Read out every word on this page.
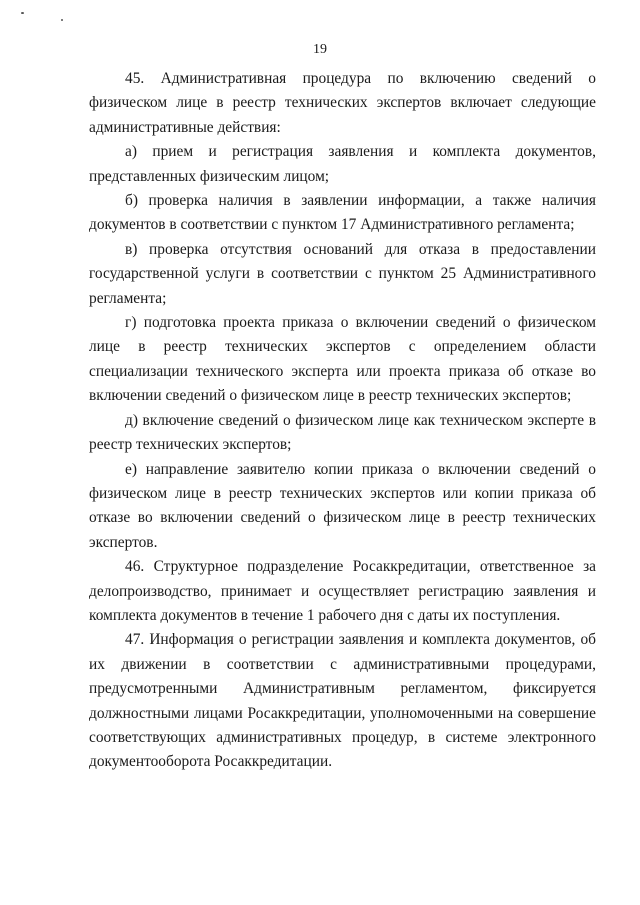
19

45. Административная процедура по включению сведений о физическом лице в реестр технических экспертов включает следующие административные действия:

а) прием и регистрация заявления и комплекта документов, представленных физическим лицом;

б) проверка наличия в заявлении информации, а также наличия документов в соответствии с пунктом 17 Административного регламента;

в) проверка отсутствия оснований для отказа в предоставлении государственной услуги в соответствии с пунктом 25 Административного регламента;

г) подготовка проекта приказа о включении сведений о физическом лице в реестр технических экспертов с определением области специализации технического эксперта или проекта приказа об отказе во включении сведений о физическом лице в реестр технических экспертов;

д) включение сведений о физическом лице как техническом эксперте в реестр технических экспертов;

е) направление заявителю копии приказа о включении сведений о физическом лице в реестр технических экспертов или копии приказа об отказе во включении сведений о физическом лице в реестр технических экспертов.

46. Структурное подразделение Росаккредитации, ответственное за делопроизводство, принимает и осуществляет регистрацию заявления и комплекта документов в течение 1 рабочего дня с даты их поступления.

47. Информация о регистрации заявления и комплекта документов, об их движении в соответствии с административными процедурами, предусмотренными Административным регламентом, фиксируется должностными лицами Росаккредитации, уполномоченными на совершение соответствующих административных процедур, в системе электронного документооборота Росаккредитации.
